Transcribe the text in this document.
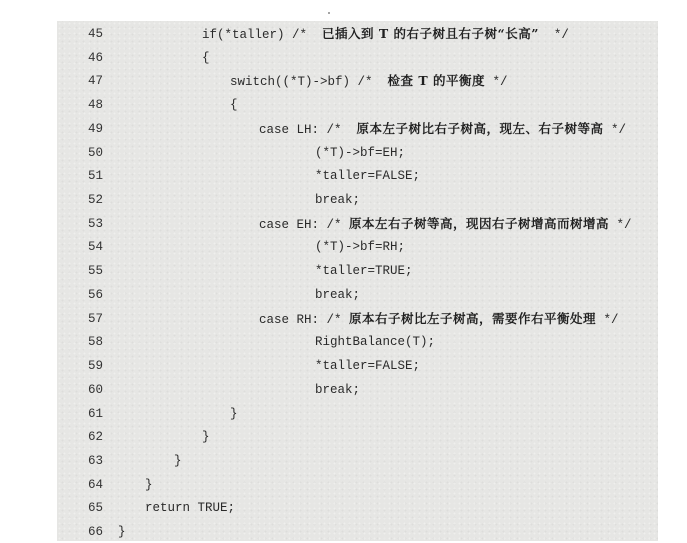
45	if(*taller) /*  已插入到 T 的右子树且右子树“长高”  */
46	{
47	switch((*T)->bf) /*  检查 T 的平衡度 */
48	{
49	case LH: /*  原本左子树比右子树高，现左、右子树等高 */
50	(*T)->bf=EH;
51	*taller=FALSE;
52	break;
53	case EH: /* 原本左右子树等高，现因右子树增高而树增高 */
54	(*T)->bf=RH;
55	*taller=TRUE;
56	break;
57	case RH: /* 原本右子树比左子树高，需要作右平衡处理 */
58	RightBalance(T);
59	*taller=FALSE;
60	break;
61	}
62	}
63	}
64	}
65	return TRUE;
66	}
